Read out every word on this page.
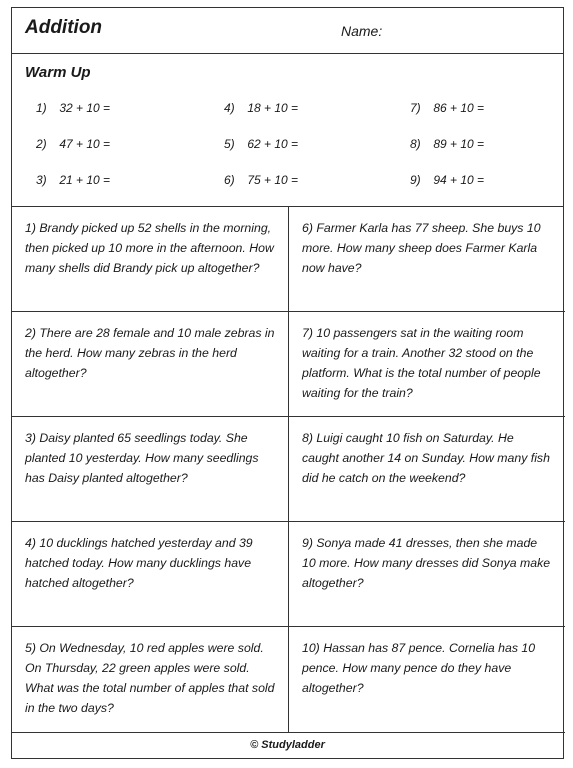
Addition	Name:
Warm Up
1) 32 + 10 =
2) 47 + 10 =
3) 21 + 10 =
4) 18 + 10 =
5) 62 + 10 =
6) 75 + 10 =
7) 86 + 10 =
8) 89 + 10 =
9) 94 + 10 =
1) Brandy picked up 52 shells in the morning, then picked up 10 more in the afternoon. How many shells did Brandy pick up altogether?
6) Farmer Karla has 77 sheep. She buys 10 more. How many sheep does Farmer Karla now have?
2) There are 28 female and 10 male zebras in the herd. How many zebras in the herd altogether?
7) 10 passengers sat in the waiting room waiting for a train. Another 32 stood on the platform. What is the total number of people waiting for the train?
3) Daisy planted 65 seedlings today. She planted 10 yesterday. How many seedlings has Daisy planted altogether?
8) Luigi caught 10 fish on Saturday. He caught another 14 on Sunday. How many fish did he catch on the weekend?
4) 10 ducklings hatched yesterday and 39 hatched today. How many ducklings have hatched altogether?
9) Sonya made 41 dresses, then she made 10 more. How many dresses did Sonya make altogether?
5) On Wednesday, 10 red apples were sold. On Thursday, 22 green apples were sold. What was the total number of apples that sold in the two days?
10) Hassan has 87 pence. Cornelia has 10 pence. How many pence do they have altogether?
© Studyladder
